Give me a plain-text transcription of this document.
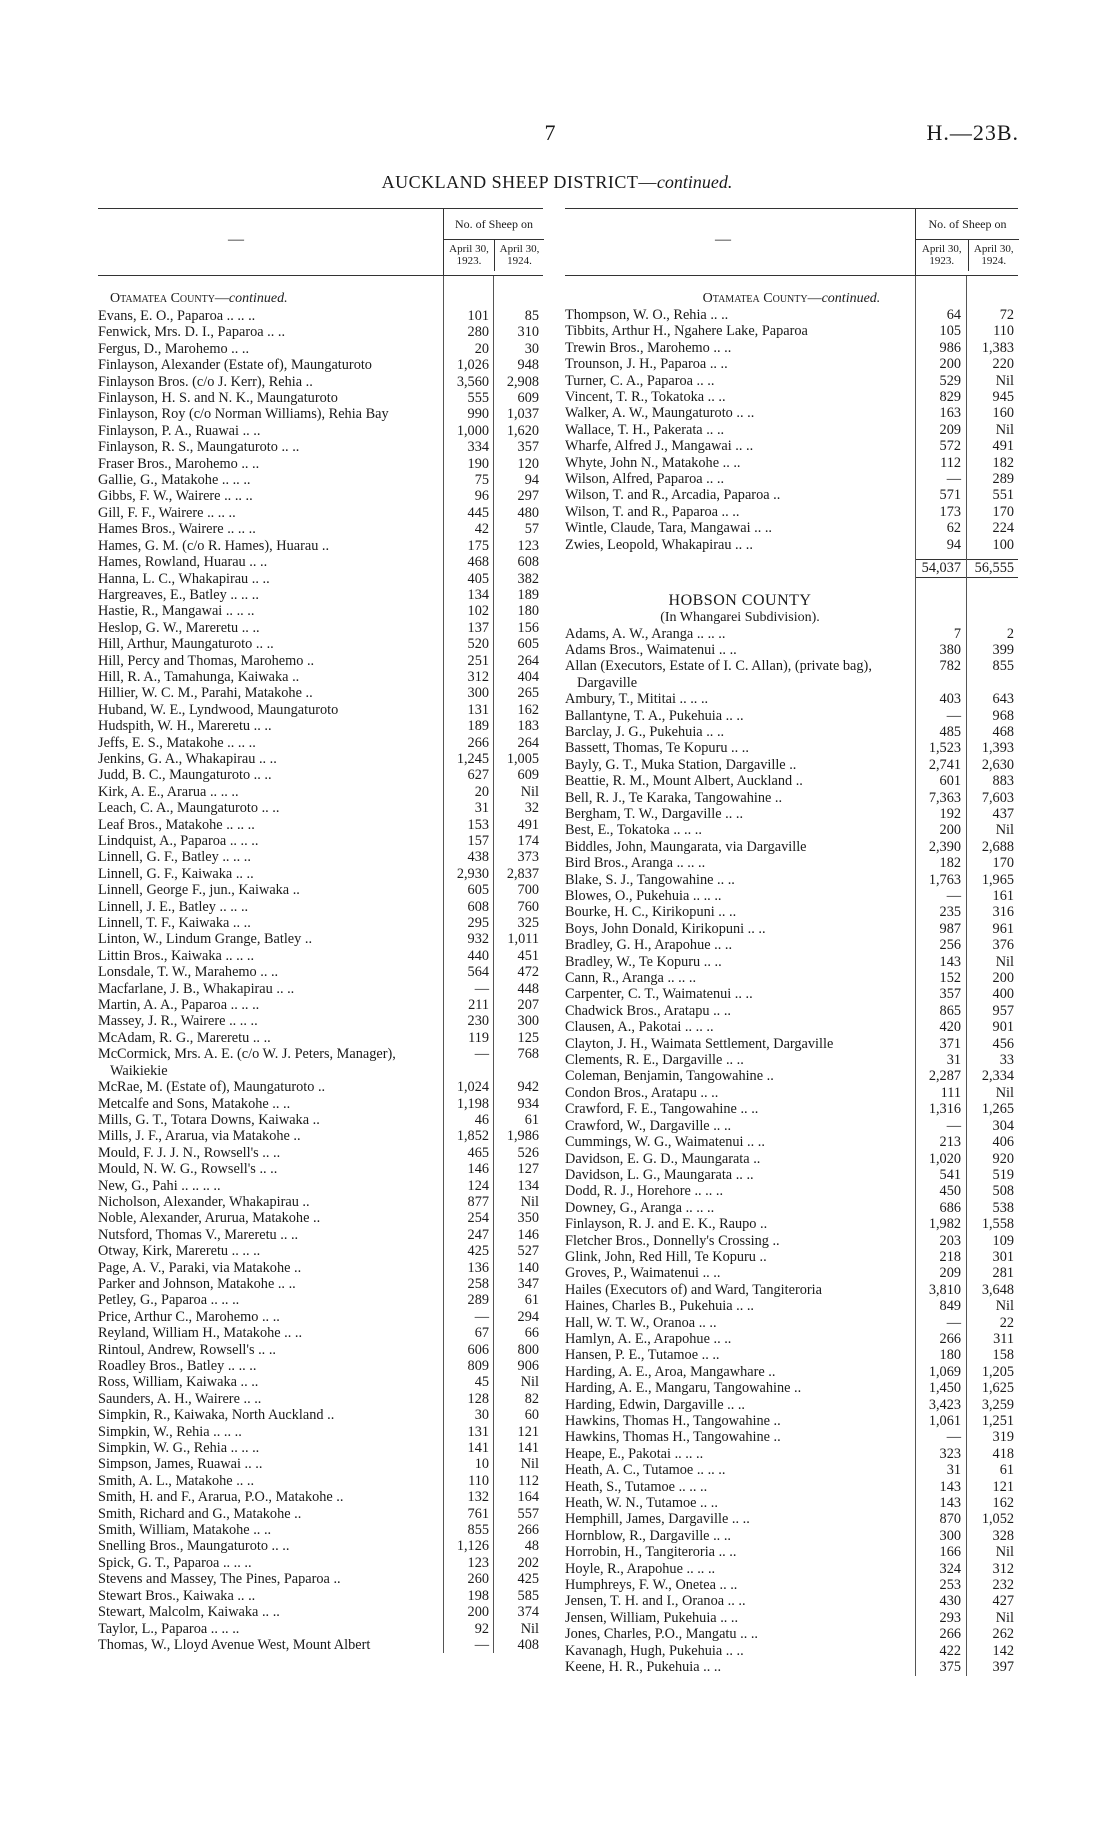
7	H.—23B.
AUCKLAND SHEEP DISTRICT—continued.
—
No. of Sheep on
April 30, 1923.
April 30, 1924.
Otamatea County—continued.
Evans, E. O., Paparoa .. .. ..	101	85
Fenwick, Mrs. D. I., Paparoa .. ..	280	310
Fergus, D., Marohemo .. ..	20	30
Finlayson, Alexander (Estate of), Maungaturoto	1,026	948
Finlayson Bros. (c/o J. Kerr), Rehia ..	3,560	2,908
Finlayson, H. S. and N. K., Maungaturoto	555	609
Finlayson, Roy (c/o Norman Williams), Rehia Bay	990	1,037
Finlayson, P. A., Ruawai .. ..	1,000	1,620
Finlayson, R. S., Maungaturoto .. ..	334	357
Fraser Bros., Marohemo .. ..	190	120
Gallie, G., Matakohe .. .. ..	75	94
Gibbs, F. W., Wairere .. .. ..	96	297
Gill, F. F., Wairere .. .. ..	445	480
Hames Bros., Wairere .. .. ..	42	57
Hames, G. M. (c/o R. Hames), Huarau ..	175	123
Hames, Rowland, Huarau .. ..	468	608
Hanna, L. C., Whakapirau .. ..	405	382
Hargreaves, E., Batley .. .. ..	134	189
Hastie, R., Mangawai .. .. ..	102	180
Heslop, G. W., Mareretu .. ..	137	156
Hill, Arthur, Maungaturoto .. ..	520	605
Hill, Percy and Thomas, Marohemo ..	251	264
Hill, R. A., Tamahunga, Kaiwaka ..	312	404
Hillier, W. C. M., Parahi, Matakohe ..	300	265
Huband, W. E., Lyndwood, Maungaturoto	131	162
Hudspith, W. H., Mareretu .. ..	189	183
Jeffs, E. S., Matakohe .. .. ..	266	264
Jenkins, G. A., Whakapirau .. ..	1,245	1,005
Judd, B. C., Maungaturoto .. ..	627	609
Kirk, A. E., Ararua .. .. ..	20	Nil
Leach, C. A., Maungaturoto .. ..	31	32
Leaf Bros., Matakohe .. .. ..	153	491
Lindquist, A., Paparoa .. .. ..	157	174
Linnell, G. F., Batley .. .. ..	438	373
Linnell, G. F., Kaiwaka .. ..	2,930	2,837
Linnell, George F., jun., Kaiwaka ..	605	700
Linnell, J. E., Batley .. .. ..	608	760
Linnell, T. F., Kaiwaka .. ..	295	325
Linton, W., Lindum Grange, Batley ..	932	1,011
Littin Bros., Kaiwaka .. .. ..	440	451
Lonsdale, T. W., Marahemo .. ..	564	472
Macfarlane, J. B., Whakapirau .. ..	—	448
Martin, A. A., Paparoa .. .. ..	211	207
Massey, J. R., Wairere .. .. ..	230	300
McAdam, R. G., Mareretu .. ..	119	125
McCormick, Mrs. A. E. (c/o W. J. Peters, Manager), Waikiekie
—	768
McRae, M. (Estate of), Maungaturoto ..	1,024	942
Metcalfe and Sons, Matakohe .. ..	1,198	934
Mills, G. T., Totara Downs, Kaiwaka ..	46	61
Mills, J. F., Ararua, via Matakohe ..	1,852	1,986
Mould, F. J. J. N., Rowsell's .. ..	465	526
Mould, N. W. G., Rowsell's .. ..	146	127
New, G., Pahi .. .. .. ..	124	134
Nicholson, Alexander, Whakapirau ..	877	Nil
Noble, Alexander, Arurua, Matakohe ..	254	350
Nutsford, Thomas V., Mareretu .. ..	247	146
Otway, Kirk, Mareretu .. .. ..	425	527
Page, A. V., Paraki, via Matakohe ..	136	140
Parker and Johnson, Matakohe .. ..	258	347
Petley, G., Paparoa .. .. ..	289	61
Price, Arthur C., Marohemo .. ..	—	294
Reyland, William H., Matakohe .. ..	67	66
Rintoul, Andrew, Rowsell's .. ..	606	800
Roadley Bros., Batley .. .. ..	809	906
Ross, William, Kaiwaka .. ..	45	Nil
Saunders, A. H., Wairere .. ..	128	82
Simpkin, R., Kaiwaka, North Auckland ..	30	60
Simpkin, W., Rehia .. .. ..	131	121
Simpkin, W. G., Rehia .. .. ..	141	141
Simpson, James, Ruawai .. ..	10	Nil
Smith, A. L., Matakohe .. ..	110	112
Smith, H. and F., Ararua, P.O., Matakohe ..	132	164
Smith, Richard and G., Matakohe ..	761	557
Smith, William, Matakohe .. ..	855	266
Snelling Bros., Maungaturoto .. ..	1,126	48
Spick, G. T., Paparoa .. .. ..	123	202
Stevens and Massey, The Pines, Paparoa ..	260	425
Stewart Bros., Kaiwaka .. ..	198	585
Stewart, Malcolm, Kaiwaka .. ..	200	374
Taylor, L., Paparoa .. .. ..	92	Nil
Thomas, W., Lloyd Avenue West, Mount Albert	—	408
—
No. of Sheep on
April 30, 1923.
April 30, 1924.
Otamatea County—continued.
Thompson, W. O., Rehia .. ..	64	72
Tibbits, Arthur H., Ngahere Lake, Paparoa	105	110
Trewin Bros., Marohemo .. ..	986	1,383
Trounson, J. H., Paparoa .. ..	200	220
Turner, C. A., Paparoa .. ..	529	Nil
Vincent, T. R., Tokatoka .. ..	829	945
Walker, A. W., Maungaturoto .. ..	163	160
Wallace, T. H., Pakerata .. ..	209	Nil
Wharfe, Alfred J., Mangawai .. ..	572	491
Whyte, John N., Matakohe .. ..	112	182
Wilson, Alfred, Paparoa .. ..	—	289
Wilson, T. and R., Arcadia, Paparoa ..	571	551
Wilson, T. and R., Paparoa .. ..	173	170
Wintle, Claude, Tara, Mangawai .. ..	62	224
Zwies, Leopold, Whakapirau .. ..	94	100
54,037 56,555
HOBSON COUNTY
(In Whangarei Subdivision).
Adams, A. W., Aranga .. .. ..	7	2
Adams Bros., Waimatenui .. ..	380	399
Allan (Executors, Estate of I. C. Allan), (private bag), Dargaville
782	855
Ambury, T., Mititai .. .. ..	403	643
Ballantyne, T. A., Pukehuia .. ..	—	968
Barclay, J. G., Pukehuia .. ..	485	468
Bassett, Thomas, Te Kopuru .. ..	1,523	1,393
Bayly, G. T., Muka Station, Dargaville ..	2,741	2,630
Beattie, R. M., Mount Albert, Auckland ..	601	883
Bell, R. J., Te Karaka, Tangowahine ..	7,363	7,603
Bergham, T. W., Dargaville .. ..	192	437
Best, E., Tokatoka .. .. ..	200	Nil
Biddles, John, Maungarata, via Dargaville	2,390	2,688
Bird Bros., Aranga .. .. ..	182	170
Blake, S. J., Tangowahine .. ..	1,763	1,965
Blowes, O., Pukehuia .. .. ..	—	161
Bourke, H. C., Kirikopuni .. ..	235	316
Boys, John Donald, Kirikopuni .. ..	987	961
Bradley, G. H., Arapohue .. ..	256	376
Bradley, W., Te Kopuru .. ..	143	Nil
Cann, R., Aranga .. .. ..	152	200
Carpenter, C. T., Waimatenui .. ..	357	400
Chadwick Bros., Aratapu .. ..	865	957
Clausen, A., Pakotai .. .. ..	420	901
Clayton, J. H., Waimata Settlement, Dargaville	371	456
Clements, R. E., Dargaville .. ..	31	33
Coleman, Benjamin, Tangowahine ..	2,287	2,334
Condon Bros., Aratapu .. ..	111	Nil
Crawford, F. E., Tangowahine .. ..	1,316	1,265
Crawford, W., Dargaville .. ..	—	304
Cummings, W. G., Waimatenui .. ..	213	406
Davidson, E. G. D., Maungarata ..	1,020	920
Davidson, L. G., Maungarata .. ..	541	519
Dodd, R. J., Horehore .. .. ..	450	508
Downey, G., Aranga .. .. ..	686	538
Finlayson, R. J. and E. K., Raupo ..	1,982	1,558
Fletcher Bros., Donnelly's Crossing ..	203	109
Glink, John, Red Hill, Te Kopuru ..	218	301
Groves, P., Waimatenui .. ..	209	281
Hailes (Executors of) and Ward, Tangiteroria	3,810	3,648
Haines, Charles B., Pukehuia .. ..	849	Nil
Hall, W. T. W., Oranoa .. ..	—	22
Hamlyn, A. E., Arapohue .. ..	266	311
Hansen, P. E., Tutamoe .. ..	180	158
Harding, A. E., Aroa, Mangawhare ..	1,069	1,205
Harding, A. E., Mangaru, Tangowahine ..	1,450	1,625
Harding, Edwin, Dargaville .. ..	3,423	3,259
Hawkins, Thomas H., Tangowahine ..	1,061	1,251
Hawkins, Thomas H., Tangowahine ..	—	319
Heape, E., Pakotai .. .. ..	323	418
Heath, A. C., Tutamoe .. .. ..	31	61
Heath, S., Tutamoe .. .. ..	143	121
Heath, W. N., Tutamoe .. ..	143	162
Hemphill, James, Dargaville .. ..	870	1,052
Hornblow, R., Dargaville .. ..	300	328
Horrobin, H., Tangiteroria .. ..	166	Nil
Hoyle, R., Arapohue .. .. ..	324	312
Humphreys, F. W., Onetea .. ..	253	232
Jensen, T. H. and I., Oranoa .. ..	430	427
Jensen, William, Pukehuia .. ..	293	Nil
Jones, Charles, P.O., Mangatu .. ..	266	262
Kavanagh, Hugh, Pukehuia .. ..	422	142
Keene, H. R., Pukehuia .. ..	375	397
